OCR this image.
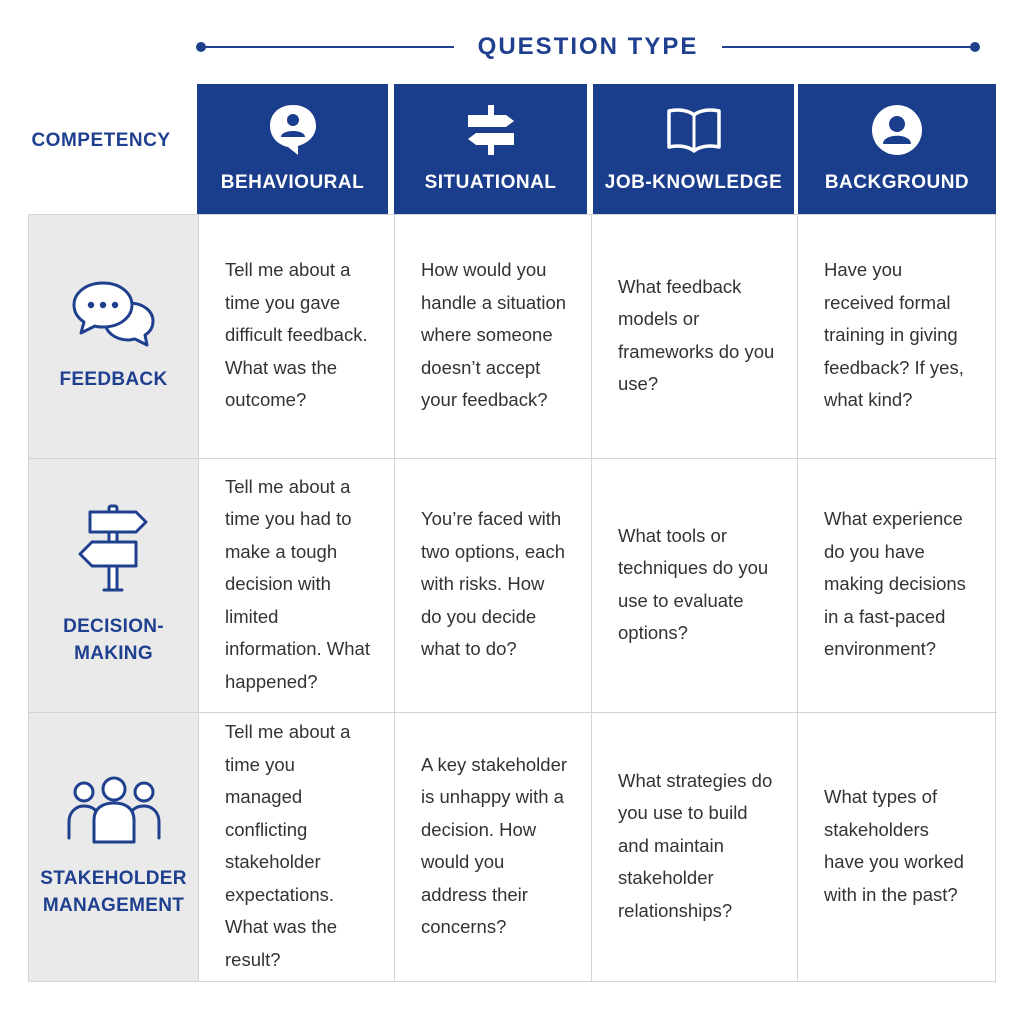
QUESTION TYPE
COMPETENCY
BEHAVIOURAL	SITUATIONAL	JOB-KNOWLEDGE BACKGROUND
FEEDBACK

Tell me about a time you gave difficult feedback. What was the outcome?

How would you handle a situation where someone doesn’t accept your feedback?

What feedback models or frameworks do you use?

Have you received formal training in giving feedback? If yes, what kind?

DECISION-MAKING

Tell me about a time you had to make a tough decision with limited information. What happened?

You’re faced with two options, each with risks. How do you decide what to do?

What tools or techniques do you use to evaluate options?

What experience do you have making decisions in a fast-paced environment?

STAKEHOLDER MANAGEMENT

Tell me about a time you managed conflicting stakeholder expectations. What was the result?

A key stakeholder is unhappy with a decision. How would you address their concerns?

What strategies do you use to build and maintain stakeholder relationships?

What types of stakeholders have you worked with in the past?
